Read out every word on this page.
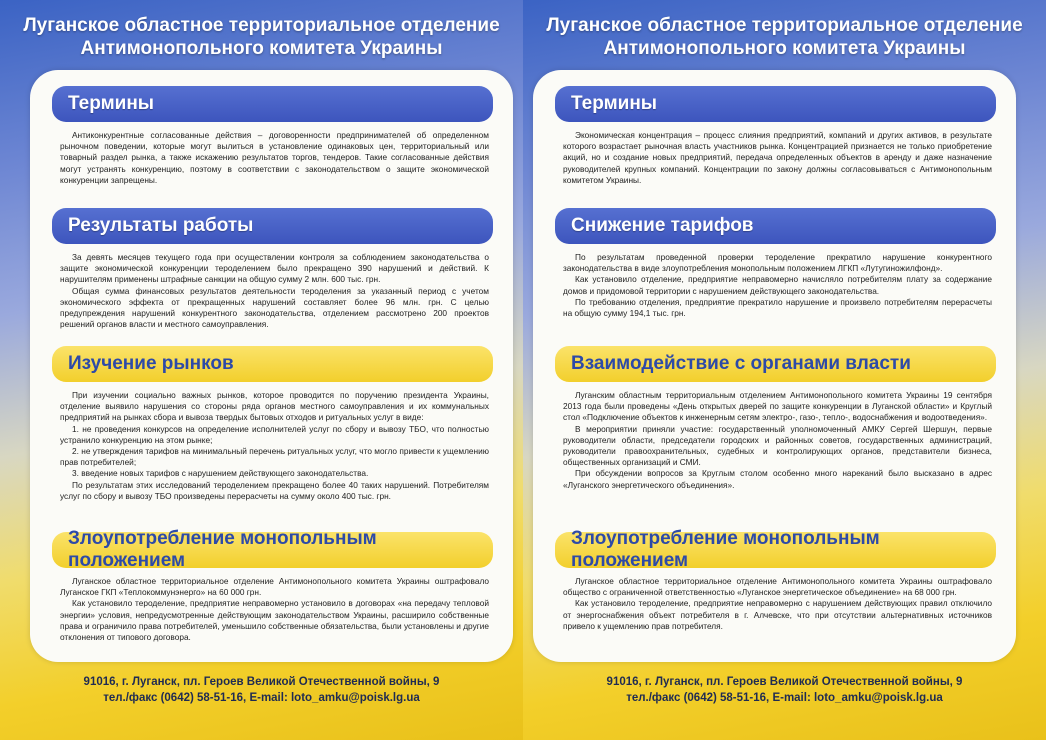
Луганское областное территориальное отделение
Антимонопольного комитета Украины
Термины

Антиконкурентные согласованные действия – договоренности предпринимателей об определенном рыночном поведении, которые могут вылиться в установление одинаковых цен, территориальный или товарный раздел рынка, а также искажению результатов торгов, тендеров. Такие согласованные действия могут устранять конкуренцию, поэтому в соответствии с законодательством о защите экономической конкуренции запрещены.

Результаты работы

За девять месяцев текущего года при осуществлении контроля за соблюдением законодательства о защите экономической конкуренции тероделением было прекращено 390 нарушений и действий. К нарушителям применены штрафные санкции на общую сумму 2 млн. 600 тыс. грн.

Общая сумма финансовых результатов деятельности тероделения за указанный период с учетом экономического эффекта от прекращенных нарушений составляет более 96 млн. грн. С целью предупреждения нарушений конкурентного законодательства, отделением рассмотрено 200 проектов решений органов власти и местного самоуправления.

Изучение рынков

При изучении социально важных рынков, которое проводится по поручению президента Украины, отделение выявило нарушения со стороны ряда органов местного самоуправления и их коммунальных предприятий на рынках сбора и вывоза твердых бытовых отходов и ритуальных услуг в виде:

1. не проведения конкурсов на определение исполнителей услуг по сбору и вывозу ТБО, что полностью устранило конкуренцию на этом рынке;

2. не утверждения тарифов на минимальный перечень ритуальных услуг, что могло привести к ущемлению прав потребителей;

3. введение новых тарифов с нарушением действующего законодательства.

По результатам этих исследований тероделением прекращено более 40 таких нарушений. Потребителям услуг по сбору и вывозу ТБО произведены перерасчеты на сумму около 400 тыс. грн.

Злоупотребление монопольным положением

Луганское областное территориальное отделение Антимонопольного комитета Украины оштрафовало Луганское ГКП «Теплокоммунэнерго» на 60 000 грн.

Как установило тероделение, предприятие неправомерно установило в договорах «на передачу тепловой энергии» условия, непредусмотренные действующим законодательством Украины, расширило собственные права и ограничило права потребителей, уменьшило собственные обязательства, были установлены и другие отклонения от типового договора.

91016, г. Луганск, пл. Героев Великой Отечественной войны, 9
тел./факс (0642) 58-51-16, E-mail: loto_amku@poisk.lg.ua
Луганское областное территориальное отделение
Антимонопольного комитета Украины
Термины

Экономическая концентрация – процесс слияния предприятий, компаний и других активов, в результате которого возрастает рыночная власть участников рынка. Концентрацией признается не только приобретение акций, но и создание новых предприятий, передача определенных объектов в аренду и даже назначение руководителей крупных компаний. Концентрации по закону должны согласовываться с Антимонопольным комитетом Украины.

Снижение тарифов

По результатам проведенной проверки тероделение прекратило нарушение конкурентного законодательства в виде злоупотребления монопольным положением ЛГКП «Лутугиножилфонд».

Как установило отделение, предприятие неправомерно начисляло потребителям плату за содержание домов и придомовой территории с нарушением действующего законодательства.

По требованию отделения, предприятие прекратило нарушение и произвело потребителям перерасчеты на общую сумму 194,1 тыс. грн.

Взаимодействие с органами власти

Луганским областным территориальным отделением Антимонопольного комитета Украины 19 сентября 2013 года были проведены «День открытых дверей по защите конкуренции в Луганской области» и Круглый стол «Подключение объектов к инженерным сетям электро-, газо-, тепло-, водоснабжения и водоотведения».

В мероприятии приняли участие: государственный уполномоченный АМКУ Сергей Шершун, первые руководители области, председатели городских и районных советов, государственных администраций, руководители правоохранительных, судебных и контролирующих органов, представители бизнеса, общественных организаций и СМИ.

При обсуждении вопросов за Круглым столом особенно много нареканий было высказано в адрес «Луганского энергетического объединения».

Злоупотребление монопольным положением

Луганское областное территориальное отделение Антимонопольного комитета Украины оштрафовало общество с ограниченной ответственностью «Луганское энергетическое объединение» на 68 000 грн.

Как установило тероделение, предприятие неправомерно с нарушением действующих правил отключило от энергоснабжения объект потребителя в г. Алчевске, что при отсутствии альтернативных источников привело к ущемлению прав потребителя.

91016, г. Луганск, пл. Героев Великой Отечественной войны, 9
тел./факс (0642) 58-51-16, E-mail: loto_amku@poisk.lg.ua
